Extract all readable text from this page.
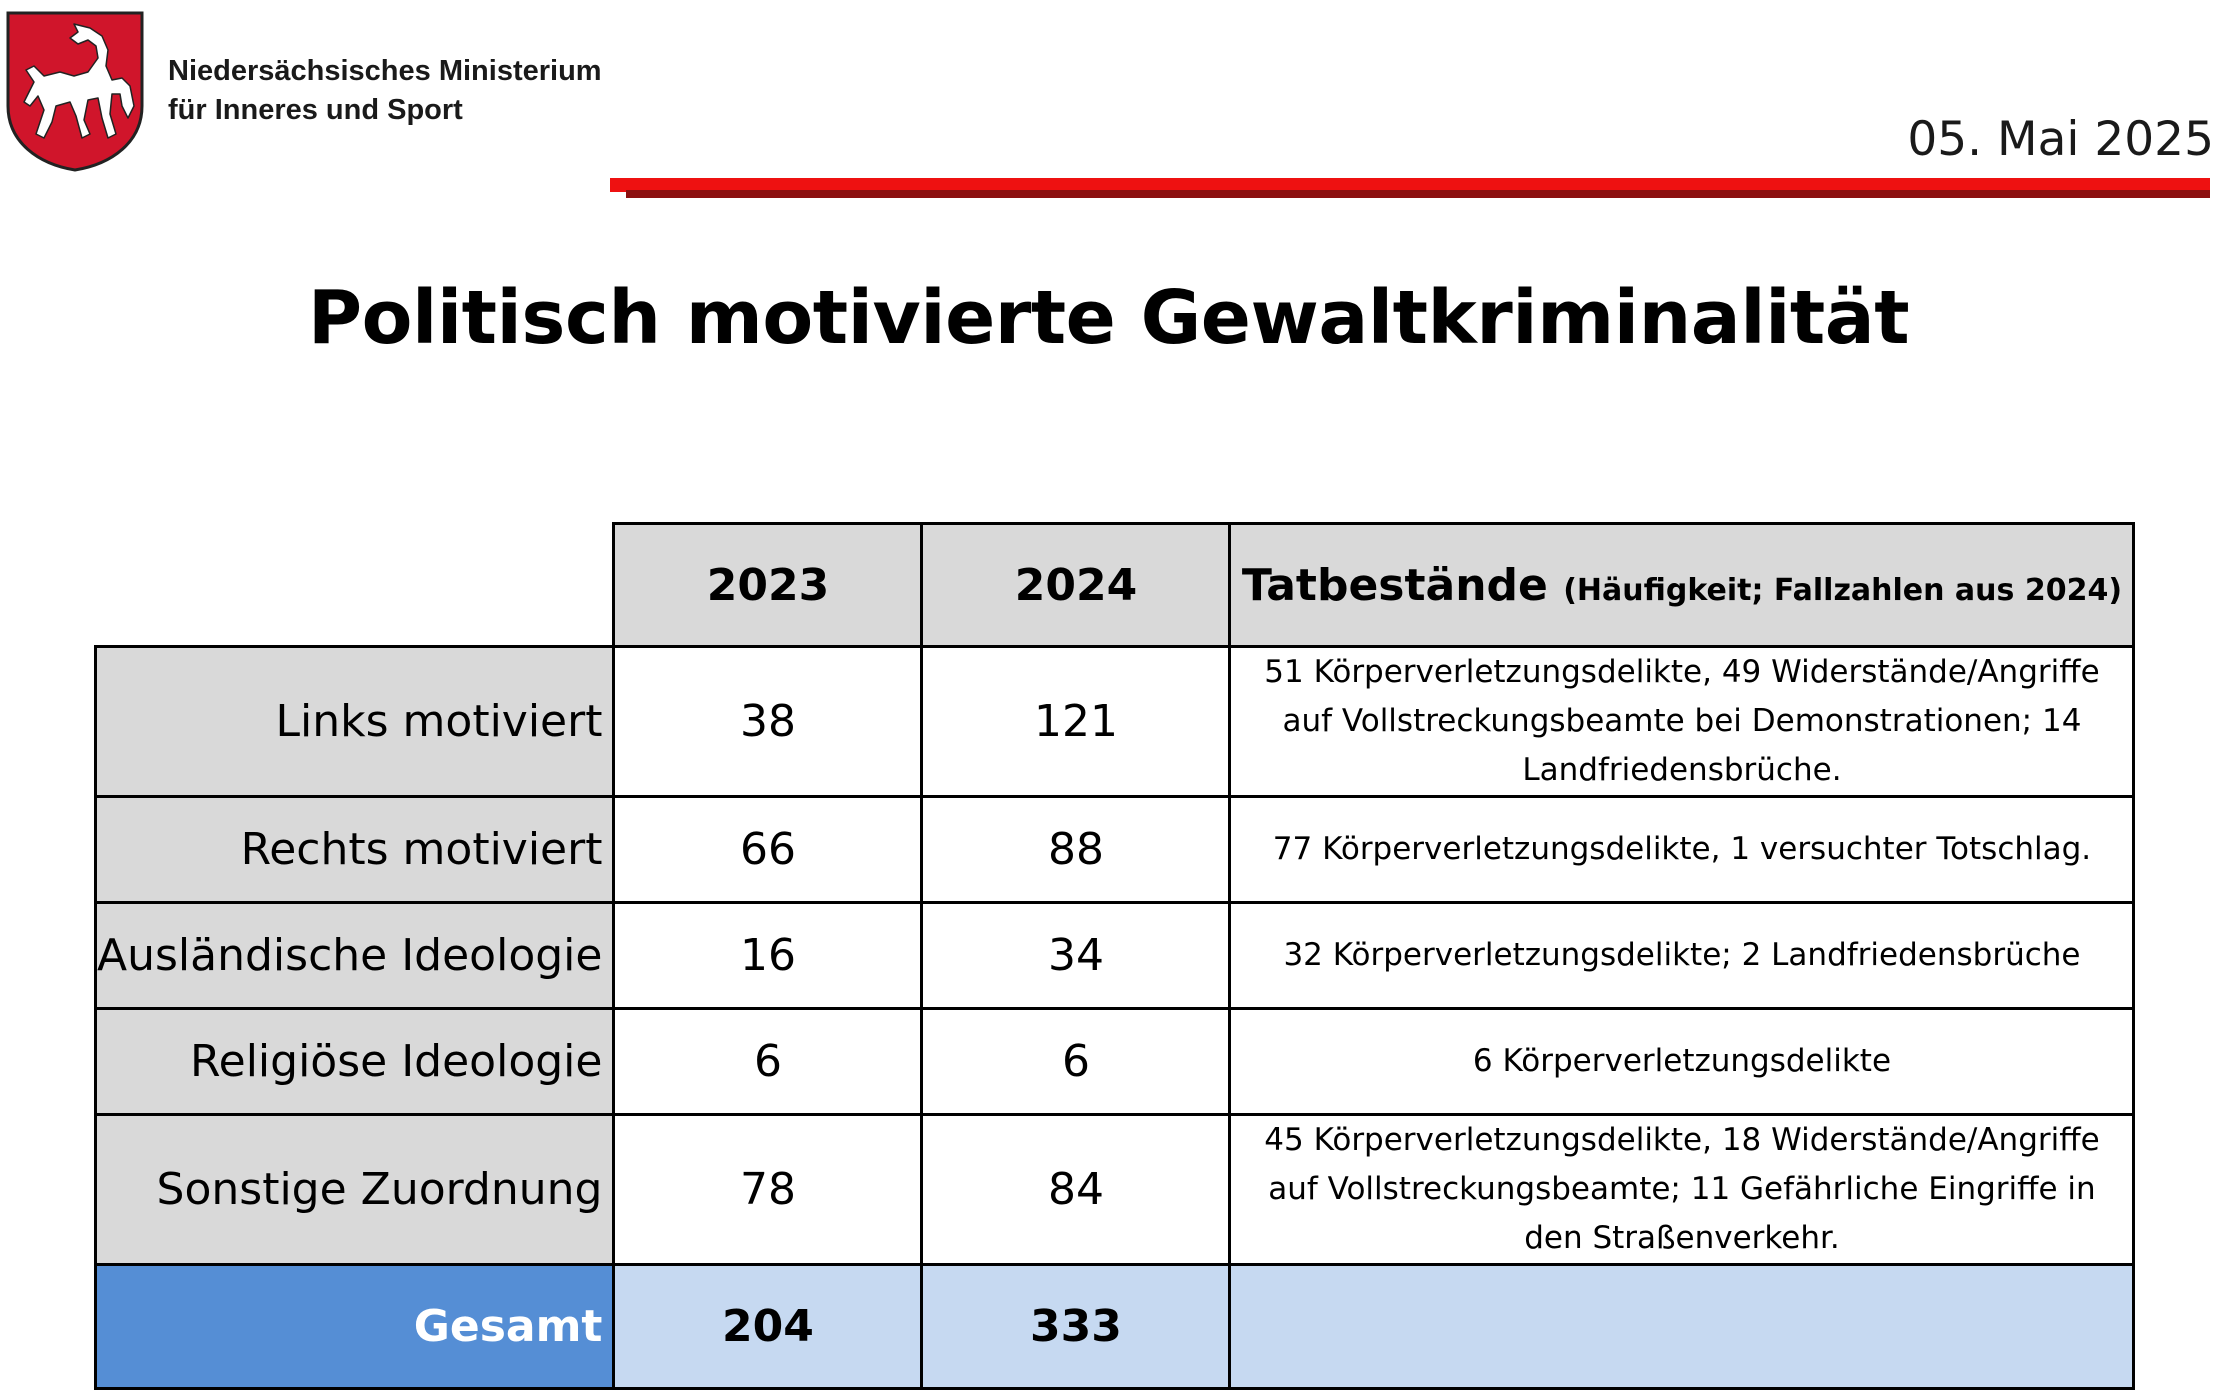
Niedersächsisches Ministerium
für Inneres und Sport
05. Mai 2025
Politisch motivierte Gewaltkriminalität
	2023	2024	Tatbestände (Häufigkeit; Fallzahlen aus 2024)
Links motiviert	38	121	51 Körperverletzungsdelikte, 49 Widerstände/Angriffe auf Vollstreckungsbeamte bei Demonstrationen; 14 Landfriedensbrüche.
Rechts motiviert	66	88	77 Körperverletzungsdelikte, 1 versuchter Totschlag.
Ausländische Ideologie	16	34	32 Körperverletzungsdelikte; 2 Landfriedensbrüche
Religiöse Ideologie	6	6	6 Körperverletzungsdelikte
Sonstige Zuordnung	78	84	45 Körperverletzungsdelikte, 18 Widerstände/Angriffe auf Vollstreckungsbeamte; 11 Gefährliche Eingriffe in den Straßenverkehr.
Gesamt	204	333	
